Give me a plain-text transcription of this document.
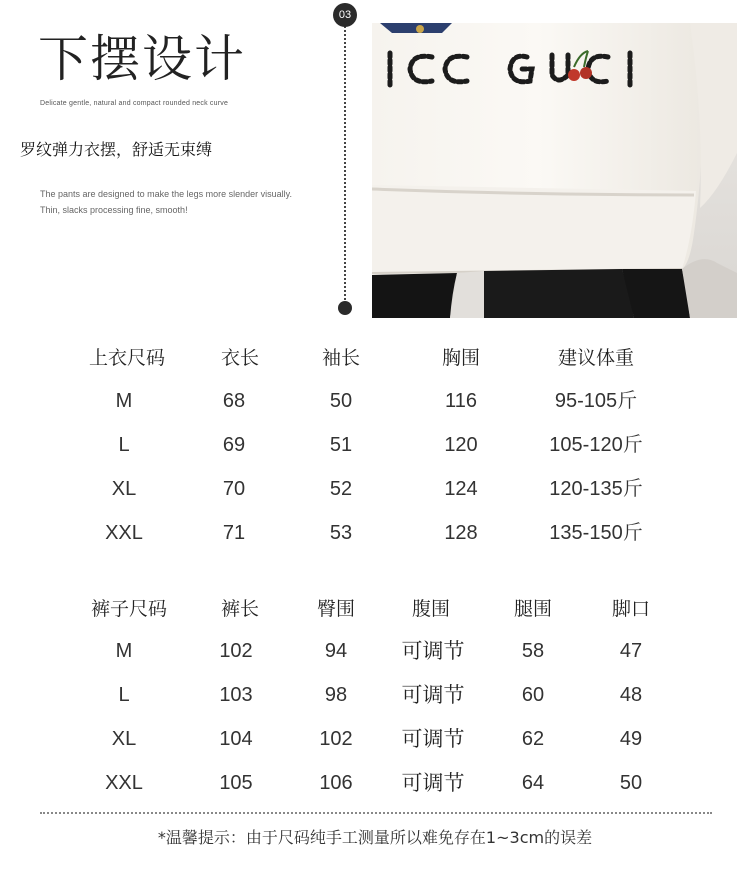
下摆设计
Delicate gentle, natural and compact rounded neck curve
罗纹弹力衣摆，舒适无束缚
The pants are designed to make the legs more slender visually.
Thin, slacks processing fine, smooth!
03
上衣尺码	衣长	袖长	胸围	建议体重
M	68	50	116	95-105斤
L	69	51	120	105-120斤
XL	70	52	124	120-135斤
XXL	71	53	128	135-150斤
裤子尺码	裤长	臀围	腹围	腿围	脚口
M	102	94	可调节	58	47
L	103	98	可调节	60	48
XL	104	102 可调节	62	49
XXL	105	106 可调节	64	50
*温馨提示：由于尺码纯手工测量所以难免存在1~3cm的误差
